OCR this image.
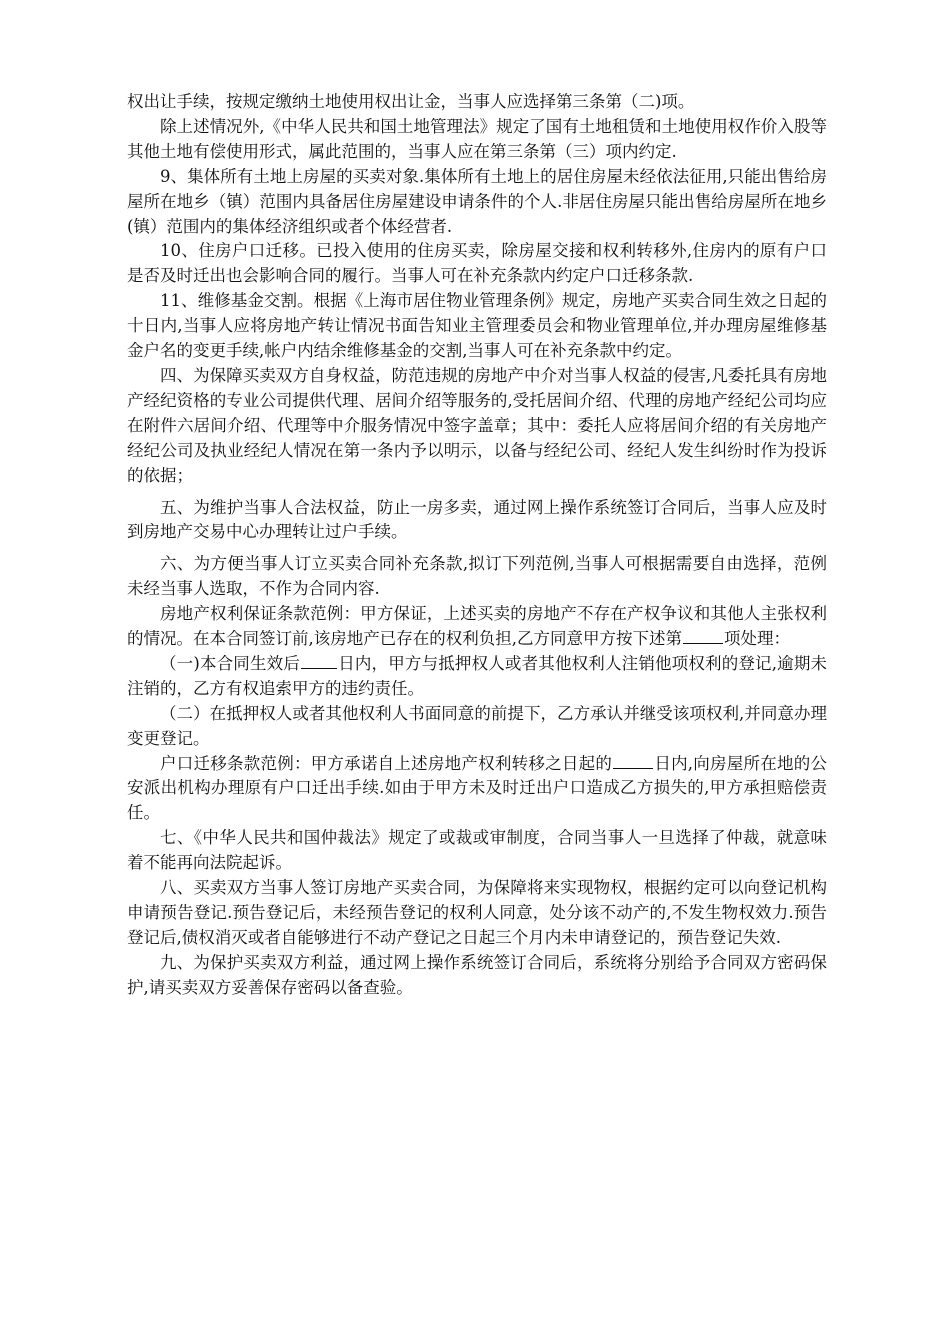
权出让手续，按规定缴纳土地使用权出让金，当事人应选择第三条第（二)项。

除上述情况外,《中华人民共和国土地管理法》规定了国有土地租赁和土地使用权作价入股等其他土地有偿使用形式，属此范围的，当事人应在第三条第（三）项内约定.

9、集体所有土地上房屋的买卖对象.集体所有土地上的居住房屋未经依法征用,只能出售给房屋所在地乡（镇）范围内具备居住房屋建设申请条件的个人.非居住房屋只能出售给房屋所在地乡(镇）范围内的集体经济组织或者个体经营者.

10、住房户口迁移。已投入使用的住房买卖，除房屋交接和权利转移外,住房内的原有户口是否及时迁出也会影响合同的履行。当事人可在补充条款内约定户口迁移条款.

11、维修基金交割。根据《上海市居住物业管理条例》规定，房地产买卖合同生效之日起的十日内,当事人应将房地产转让情况书面告知业主管理委员会和物业管理单位,并办理房屋维修基金户名的变更手续,帐户内结余维修基金的交割,当事人可在补充条款中约定。

四、为保障买卖双方自身权益，防范违规的房地产中介对当事人权益的侵害,凡委托具有房地产经纪资格的专业公司提供代理、居间介绍等服务的,受托居间介绍、代理的房地产经纪公司均应在附件六居间介绍、代理等中介服务情况中签字盖章；其中：委托人应将居间介绍的有关房地产经纪公司及执业经纪人情况在第一条内予以明示，以备与经纪公司、经纪人发生纠纷时作为投诉的依据；

五、为维护当事人合法权益，防止一房多卖，通过网上操作系统签订合同后，当事人应及时到房地产交易中心办理转让过户手续。

六、为方便当事人订立买卖合同补充条款,拟订下列范例,当事人可根据需要自由选择，范例未经当事人选取，不作为合同内容.

房地产权利保证条款范例：甲方保证，上述买卖的房地产不存在产权争议和其他人主张权利的情况。在本合同签订前,该房地产已存在的权利负担,乙方同意甲方按下述第	项处理：

（一)本合同生效后 日内，甲方与抵押权人或者其他权利人注销他项权利的登记,逾期未注销的，乙方有权追索甲方的违约责任。

（二）在抵押权人或者其他权利人书面同意的前提下，乙方承认并继受该项权利,并同意办理变更登记。

户口迁移条款范例：甲方承诺自上述房地产权利转移之日起的	日内,向房屋所在地的公安派出机构办理原有户口迁出手续.如由于甲方未及时迁出户口造成乙方损失的,甲方承担赔偿责任。

七、《中华人民共和国仲裁法》规定了或裁或审制度，合同当事人一旦选择了仲裁，就意味着不能再向法院起诉。

八、买卖双方当事人签订房地产买卖合同，为保障将来实现物权，根据约定可以向登记机构申请预告登记.预告登记后，未经预告登记的权利人同意，处分该不动产的,不发生物权效力.预告登记后,债权消灭或者自能够进行不动产登记之日起三个月内未申请登记的，预告登记失效.

九、为保护买卖双方利益，通过网上操作系统签订合同后，系统将分别给予合同双方密码保护,请买卖双方妥善保存密码以备查验。
